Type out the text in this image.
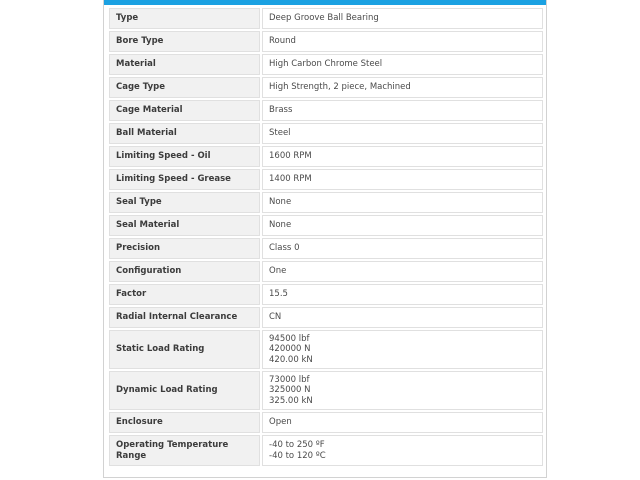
Type	Deep Groove Ball Bearing
Bore Type	Round
Material	High Carbon Chrome Steel
Cage Type	High Strength, 2 piece, Machined
Cage Material	Brass
Ball Material	Steel
Limiting Speed - Oil	1600 RPM
Limiting Speed - Grease	1400 RPM
Seal Type	None
Seal Material	None
Precision	Class 0
Configuration	One
Factor	15.5
Radial Internal Clearance	CN
Static Load Rating	94500 lbf
420000 N
420.00 kN
Dynamic Load Rating	73000 lbf
325000 N
325.00 kN
Enclosure	Open
Operating Temperature Range	-40 to 250 ºF
-40 to 120 ºC
